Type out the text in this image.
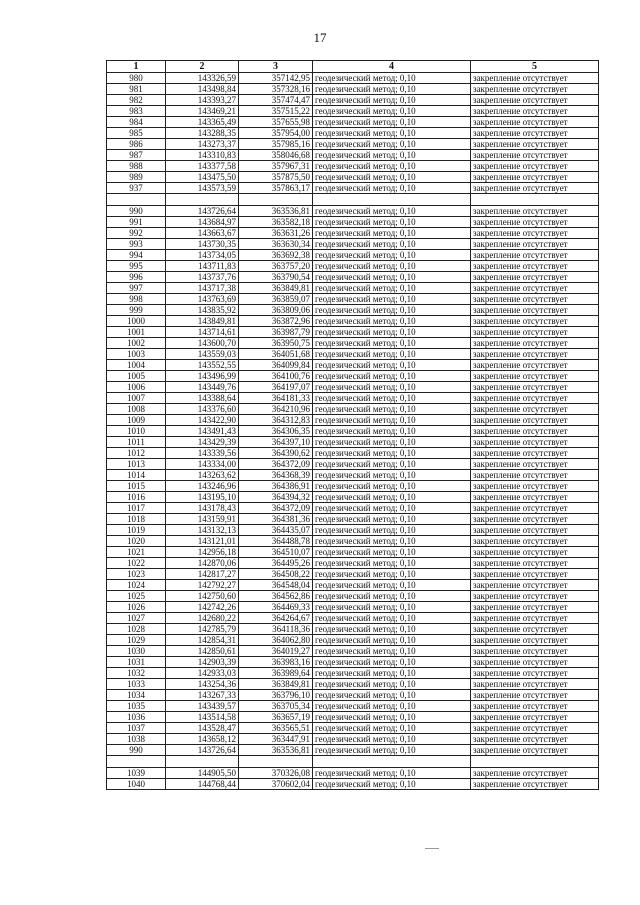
17
1	2	3	4	5
980	143326,59	357142,95	геодезический метод; 0,10	закрепление отсутствует
981	143498,84	357328,16	геодезический метод; 0,10	закрепление отсутствует
982	143393,27	357474,47	геодезический метод; 0,10	закрепление отсутствует
983	143469,21	357515,22	геодезический метод; 0,10	закрепление отсутствует
984	143365,49	357655,98	геодезический метод; 0,10	закрепление отсутствует
985	143288,35	357954,00	геодезический метод; 0,10	закрепление отсутствует
986	143273,37	357985,16	геодезический метод; 0,10	закрепление отсутствует
987	143310,83	358046,68	геодезический метод; 0,10	закрепление отсутствует
988	143377,58	357967,31	геодезический метод; 0,10	закрепление отсутствует
989	143475,50	357875,50	геодезический метод; 0,10	закрепление отсутствует
937	143573,59	357863,17	геодезический метод; 0,10	закрепление отсутствует

990	143726,64	363536,81	геодезический метод; 0,10	закрепление отсутствует
991	143684,97	363582,18	геодезический метод; 0,10	закрепление отсутствует
992	143663,67	363631,26	геодезический метод; 0,10	закрепление отсутствует
993	143730,35	363630,34	геодезический метод; 0,10	закрепление отсутствует
994	143734,05	363692,38	геодезический метод; 0,10	закрепление отсутствует
995	143711,83	363757,20	геодезический метод; 0,10	закрепление отсутствует
996	143737,76	363790,54	геодезический метод; 0,10	закрепление отсутствует
997	143717,38	363849,81	геодезический метод; 0,10	закрепление отсутствует
998	143763,69	363859,07	геодезический метод; 0,10	закрепление отсутствует
999	143835,92	363809,06	геодезический метод; 0,10	закрепление отсутствует
1000	143849,81	363872,96	геодезический метод; 0,10	закрепление отсутствует
1001	143714,61	363987,79	геодезический метод; 0,10	закрепление отсутствует
1002	143600,70	363950,75	геодезический метод; 0,10	закрепление отсутствует
1003	143559,03	364051,68	геодезический метод; 0,10	закрепление отсутствует
1004	143552,55	364099,84	геодезический метод; 0,10	закрепление отсутствует
1005	143496,99	364100,76	геодезический метод; 0,10	закрепление отсутствует
1006	143449,76	364197,07	геодезический метод; 0,10	закрепление отсутствует
1007	143388,64	364181,33	геодезический метод; 0,10	закрепление отсутствует
1008	143376,60	364210,96	геодезический метод; 0,10	закрепление отсутствует
1009	143422,90	364312,83	геодезический метод; 0,10	закрепление отсутствует
1010	143491,43	364306,35	геодезический метод; 0,10	закрепление отсутствует
1011	143429,39	364397,10	геодезический метод; 0,10	закрепление отсутствует
1012	143339,56	364390,62	геодезический метод; 0,10	закрепление отсутствует
1013	143334,00	364372,09	геодезический метод; 0,10	закрепление отсутствует
1014	143263,62	364368,39	геодезический метод; 0,10	закрепление отсутствует
1015	143246,96	364386,91	геодезический метод; 0,10	закрепление отсутствует
1016	143195,10	364394,32	геодезический метод; 0,10	закрепление отсутствует
1017	143178,43	364372,09	геодезический метод; 0,10	закрепление отсутствует
1018	143159,91	364381,36	геодезический метод; 0,10	закрепление отсутствует
1019	143132,13	364435,07	геодезический метод; 0,10	закрепление отсутствует
1020	143121,01	364488,78	геодезический метод; 0,10	закрепление отсутствует
1021	142956,18	364510,07	геодезический метод; 0,10	закрепление отсутствует
1022	142870,06	364495,26	геодезический метод; 0,10	закрепление отсутствует
1023	142817,27	364508,22	геодезический метод; 0,10	закрепление отсутствует
1024	142792,27	364548,04	геодезический метод; 0,10	закрепление отсутствует
1025	142750,60	364562,86	геодезический метод; 0,10	закрепление отсутствует
1026	142742,26	364469,33	геодезический метод; 0,10	закрепление отсутствует
1027	142680,22	364264,67	геодезический метод; 0,10	закрепление отсутствует
1028	142785,79	364118,36	геодезический метод; 0,10	закрепление отсутствует
1029	142854,31	364062,80	геодезический метод; 0,10	закрепление отсутствует
1030	142850,61	364019,27	геодезический метод; 0,10	закрепление отсутствует
1031	142903,39	363983,16	геодезический метод; 0,10	закрепление отсутствует
1032	142933,03	363989,64	геодезический метод; 0,10	закрепление отсутствует
1033	143254,36	363849,81	геодезический метод; 0,10	закрепление отсутствует
1034	143267,33	363796,10	геодезический метод; 0,10	закрепление отсутствует
1035	143439,57	363705,34	геодезический метод; 0,10	закрепление отсутствует
1036	143514,58	363657,19	геодезический метод; 0,10	закрепление отсутствует
1037	143528,47	363565,51	геодезический метод; 0,10	закрепление отсутствует
1038	143658,12	363447,91	геодезический метод; 0,10	закрепление отсутствует
990	143726,64	363536,81	геодезический метод; 0,10	закрепление отсутствует

1039	144905,50	370326,08	геодезический метод; 0,10	закрепление отсутствует
1040	144768,44	370602,04	геодезический метод; 0,10	закрепление отсутствует
